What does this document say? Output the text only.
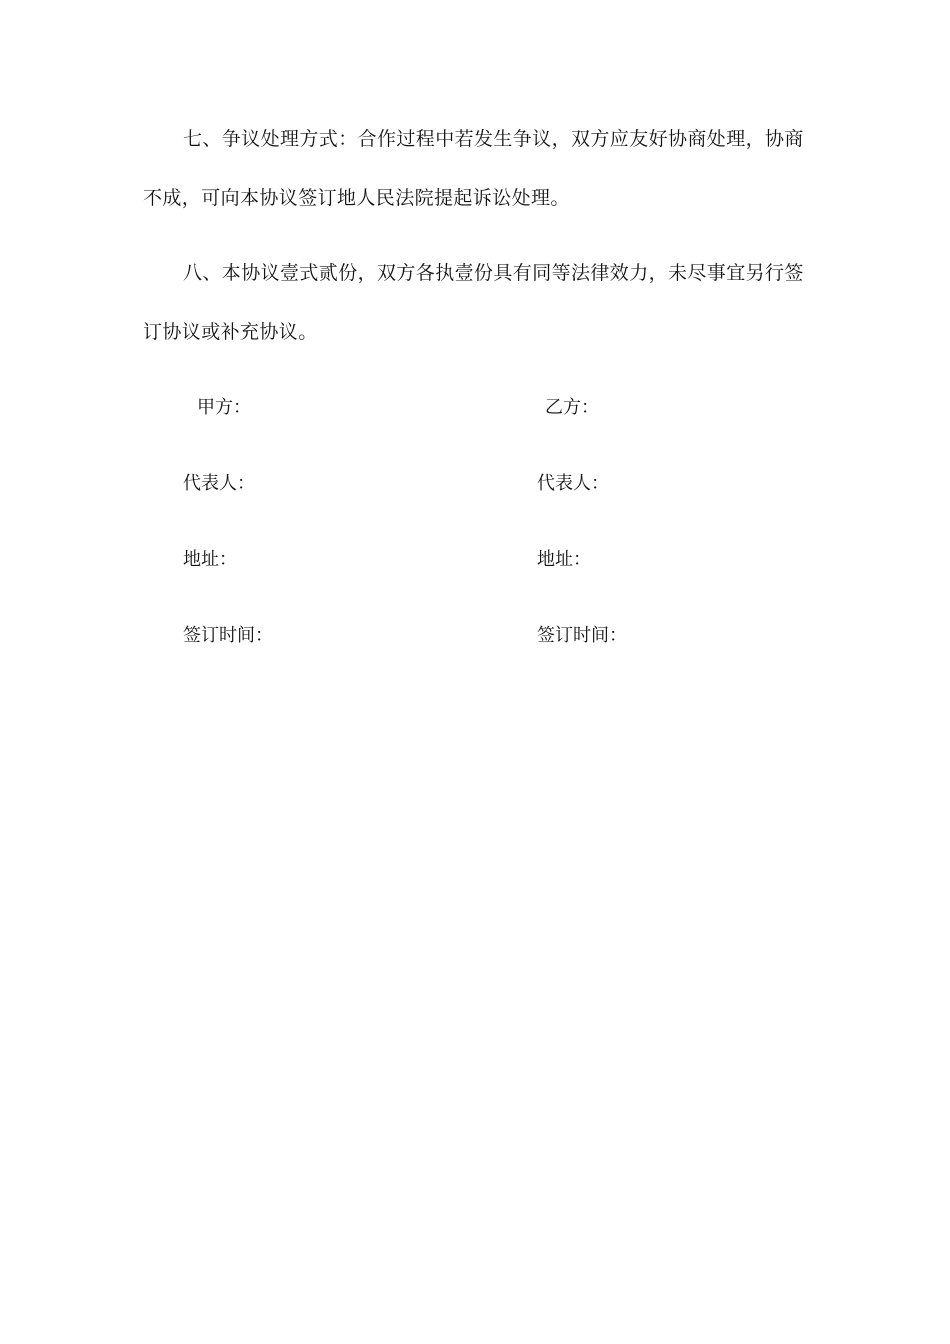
七、争议处理方式：合作过程中若发生争议，双方应友好协商处理，协商
不成，可向本协议签订地人民法院提起诉讼处理。
八、本协议壹式贰份，双方各执壹份具有同等法律效力，未尽事宜另行签
订协议或补充协议。
甲方：	乙方：
代表人：	代表人：
地址：	地址：
签订时间：	签订时间：
